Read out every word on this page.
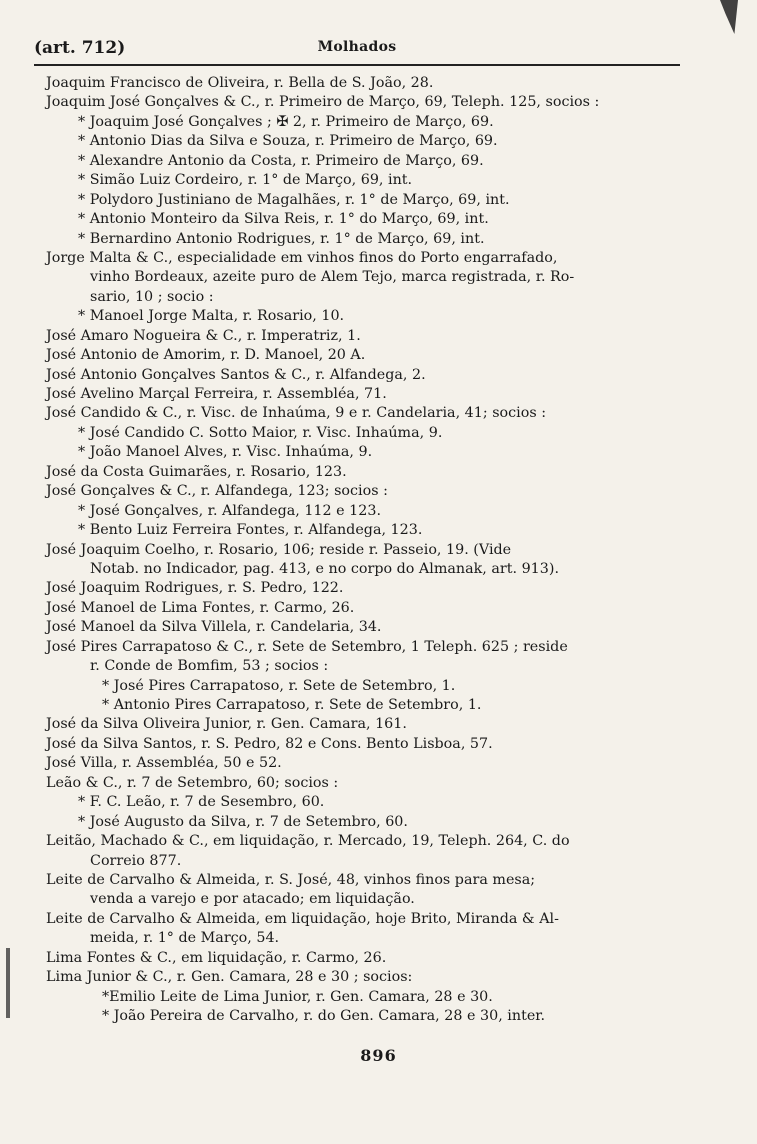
(art. 712)	Molhados
Joaquim Francisco de Oliveira, r. Bella de S. João, 28.
Joaquim José Gonçalves & C., r. Primeiro de Março, 69, Teleph. 125, socios :
* Joaquim José Gonçalves ; ✠ 2, r. Primeiro de Março, 69.
* Antonio Dias da Silva e Souza, r. Primeiro de Março, 69.
* Alexandre Antonio da Costa, r. Primeiro de Março, 69.
* Simão Luiz Cordeiro, r. 1° de Março, 69, int.
* Polydoro Justiniano de Magalhães, r. 1° de Março, 69, int.
* Antonio Monteiro da Silva Reis, r. 1° do Março, 69, int.
* Bernardino Antonio Rodrigues, r. 1° de Março, 69, int.
Jorge Malta & C., especialidade em vinhos finos do Porto engarrafado,
vinho Bordeaux, azeite puro de Alem Tejo, marca registrada, r. Ro-
sario, 10 ; socio :
* Manoel Jorge Malta, r. Rosario, 10.
José Amaro Nogueira & C., r. Imperatriz, 1.
José Antonio de Amorim, r. D. Manoel, 20 A.
José Antonio Gonçalves Santos & C., r. Alfandega, 2.
José Avelino Marçal Ferreira, r. Assembléa, 71.
José Candido & C., r. Visc. de Inhaúma, 9 e r. Candelaria, 41; socios :
* José Candido C. Sotto Maior, r. Visc. Inhaúma, 9.
* João Manoel Alves, r. Visc. Inhaúma, 9.
José da Costa Guimarães, r. Rosario, 123.
José Gonçalves & C., r. Alfandega, 123; socios :
* José Gonçalves, r. Alfandega, 112 e 123.
* Bento Luiz Ferreira Fontes, r. Alfandega, 123.
José Joaquim Coelho, r. Rosario, 106; reside r. Passeio, 19. (Vide
Notab. no Indicador, pag. 413, e no corpo do Almanak, art. 913).
José Joaquim Rodrigues, r. S. Pedro, 122.
José Manoel de Lima Fontes, r. Carmo, 26.
José Manoel da Silva Villela, r. Candelaria, 34.
José Pires Carrapatoso & C., r. Sete de Setembro, 1 Teleph. 625 ; reside
r. Conde de Bomfim, 53 ; socios :
* José Pires Carrapatoso, r. Sete de Setembro, 1.
* Antonio Pires Carrapatoso, r. Sete de Setembro, 1.
José da Silva Oliveira Junior, r. Gen. Camara, 161.
José da Silva Santos, r. S. Pedro, 82 e Cons. Bento Lisboa, 57.
José Villa, r. Assembléa, 50 e 52.
Leão & C., r. 7 de Setembro, 60; socios :
* F. C. Leão, r. 7 de Sesembro, 60.
* José Augusto da Silva, r. 7 de Setembro, 60.
Leitão, Machado & C., em liquidação, r. Mercado, 19, Teleph. 264, C. do
Correio 877.
Leite de Carvalho & Almeida, r. S. José, 48, vinhos finos para mesa;
venda a varejo e por atacado; em liquidação.
Leite de Carvalho & Almeida, em liquidação, hoje Brito, Miranda & Al-
meida, r. 1° de Março, 54.
Lima Fontes & C., em liquidação, r. Carmo, 26.
Lima Junior & C., r. Gen. Camara, 28 e 30 ; socios:
*Emilio Leite de Lima Junior, r. Gen. Camara, 28 e 30.
* João Pereira de Carvalho, r. do Gen. Camara, 28 e 30, inter.
896
